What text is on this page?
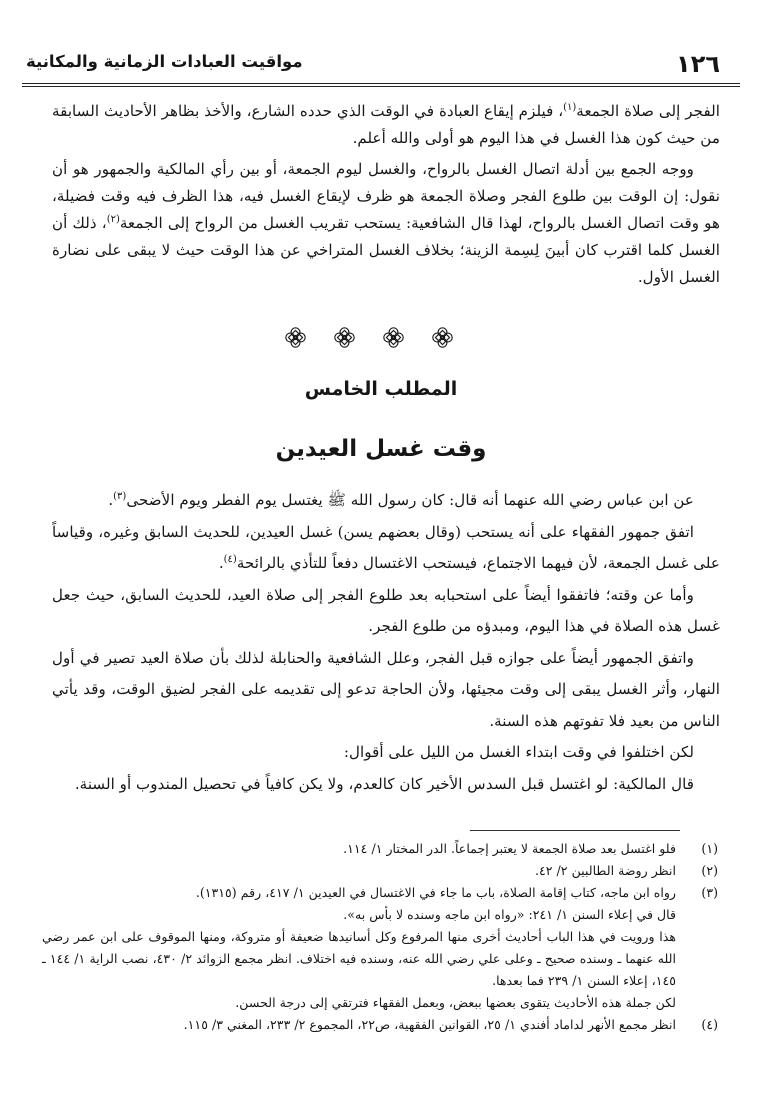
١٢٦
مواقيت العبادات الزمانية والمكانية

الفجر إلى صلاة الجمعة$^{(١)}$، فيلزم إيقاع العبادة في الوقت الذي حدده الشارع، والأخذ بظاهر الأحاديث السابقة من حيث كون هذا الغسل في هذا اليوم هو أولى والله أعلم.

ووجه الجمع بين أدلة اتصال الغسل بالرواح، والغسل ليوم الجمعة، أو بين رأي المالكية والجمهور هو أن نقول: إن الوقت بين طلوع الفجر وصلاة الجمعة هو ظرف لإيقاع الغسل فيه، هذا الظرف فيه وقت فضيلة، هو وقت اتصال الغسل بالرواح، لهذا قال الشافعية: يستحب تقريب الغسل من الرواح إلى الجمعة$^{(٢)}$، ذلك أن الغسل كلما اقترب كان أبينَ لِسِمة الزينة؛ بخلاف الغسل المتراخي عن هذا الوقت حيث لا يبقى على نضارة الغسل الأول.

المطلب الخامس
وقت غسل العيدين

عن ابن عباس رضي الله عنهما أنه قال: كان رسول الله ﷺ يغتسل يوم الفطر ويوم الأضحى$^{(٣)}$.

اتفق جمهور الفقهاء على أنه يستحب (وقال بعضهم يسن) غسل العيدين، للحديث السابق وغيره، وقياساً على غسل الجمعة، لأن فيهما الاجتماع، فيستحب الاغتسال دفعاً للتأذي بالرائحة$^{(٤)}$.

وأما عن وقته؛ فاتفقوا أيضاً على استحبابه بعد طلوع الفجر إلى صلاة العيد، للحديث السابق، حيث جعل غسل هذه الصلاة في هذا اليوم، ومبدؤه من طلوع الفجر.

واتفق الجمهور أيضاً على جوازه قبل الفجر، وعلل الشافعية والحنابلة لذلك بأن صلاة العيد تصير في أول النهار، وأثر الغسل يبقى إلى وقت مجيئها، ولأن الحاجة تدعو إلى تقديمه على الفجر لضيق الوقت، وقد يأتي الناس من بعيد فلا تفوتهم هذه السنة.

لكن اختلفوا في وقت ابتداء الغسل من الليل على أقوال:

قال المالكية: لو اغتسل قبل السدس الأخير كان كالعدم، ولا يكن كافياً في تحصيل المندوب أو السنة.

(١)
فلو اغتسل بعد صلاة الجمعة لا يعتبر إجماعاً. الدر المختار ١/ ١١٤.
(٢)
انظر روضة الطالبين ٢/ ٤٢.
(٣)
رواه ابن ماجه، كتاب إقامة الصلاة، باب ما جاء في الاغتسال في العيدين ١/ ٤١٧، رقم (١٣١٥).
قال في إعلاء السنن ١/ ٢٤١: «رواه ابن ماجه وسنده لا بأس به».
هذا ورويت في هذا الباب أحاديث أخرى منها المرفوع وكل أسانيدها ضعيفة أو متروكة، ومنها الموقوف على ابن عمر رضي الله عنهما ـ وسنده صحيح ـ وعلى علي رضي الله عنه، وسنده فيه اختلاف. انظر مجمع الزوائد ٢/ ٤٣٠، نصب الراية ١/ ١٤٤ ـ ١٤٥، إعلاء السنن ١/ ٢٣٩ فما بعدها.
لكن جملة هذه الأحاديث يتقوى بعضها ببعض، وبعمل الفقهاء فترتقي إلى درجة الحسن.
(٤)
انظر مجمع الأنهر لداماد أفندي ١/ ٢٥، القوانين الفقهية، ص٢٢، المجموع ٢/ ٢٣٣، المغني ٣/ ١١٥.
